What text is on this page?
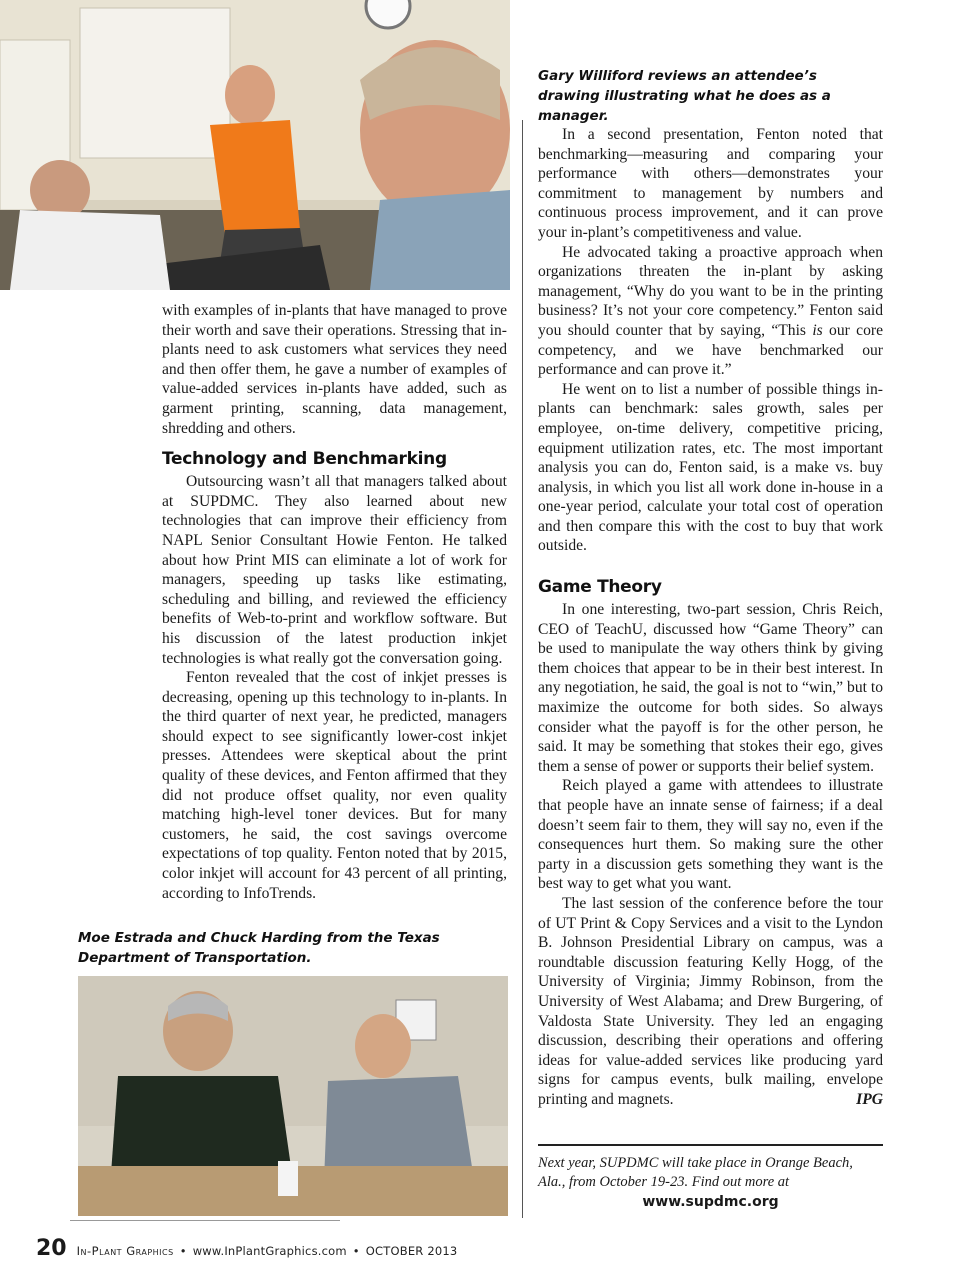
Gary Williford reviews an attendee’s drawing illustrating what he does as a manager.

with examples of in-plants that have managed to prove their worth and save their operations. Stressing that in-plants need to ask customers what services they need and then offer them, he gave a number of examples of value-added services in-plants have added, such as garment printing, scanning, data management, shredding and others.

Technology and Benchmarking

Outsourcing wasn’t all that managers talked about at SUPDMC. They also learned about new technologies that can improve their efficiency from NAPL Senior Consultant Howie Fenton. He talked about how Print MIS can eliminate a lot of work for managers, speeding up tasks like estimating, scheduling and billing, and reviewed the efficiency benefits of Web-to-print and workflow software. But his discussion of the latest production inkjet technologies is what really got the conversation going.

Fenton revealed that the cost of inkjet presses is decreasing, opening up this technology to in-plants. In the third quarter of next year, he predicted, managers should expect to see significantly lower-cost inkjet presses. Attendees were skeptical about the print quality of these devices, and Fenton affirmed that they did not produce offset quality, nor even quality matching high-level toner devices. But for many customers, he said, the cost savings overcome expectations of top quality. Fenton noted that by 2015, color inkjet will account for 43 percent of all printing, according to InfoTrends.

Moe Estrada and Chuck Harding from the Texas Department of Transportation.

In a second presentation, Fenton noted that benchmarking—measuring and comparing your performance with others—demonstrates your commitment to management by numbers and continuous process improvement, and it can prove your in-plant’s competitiveness and value.

He advocated taking a proactive approach when organizations threaten the in-plant by asking management, “Why do you want to be in the printing business? It’s not your core competency.” Fenton said you should counter that by saying, “This is our core competency, and we have benchmarked our performance and can prove it.”

He went on to list a number of possible things in-plants can benchmark: sales growth, sales per employee, on-time delivery, competitive pricing, equipment utilization rates, etc. The most important analysis you can do, Fenton said, is a make vs. buy analysis, in which you list all work done in-house in a one-year period, calculate your total cost of operation and then compare this with the cost to buy that work outside.

Game Theory

In one interesting, two-part session, Chris Reich, CEO of TeachU, discussed how “Game Theory” can be used to manipulate the way others think by giving them choices that appear to be in their best interest. In any negotiation, he said, the goal is not to “win,” but to maximize the outcome for both sides. So always consider what the payoff is for the other person, he said. It may be something that stokes their ego, gives them a sense of power or supports their belief system.

Reich played a game with attendees to illustrate that people have an innate sense of fairness; if a deal doesn’t seem fair to them, they will say no, even if the consequences hurt them. So making sure the other party in a discussion gets something they want is the best way to get what you want.

The last session of the conference before the tour of UT Print & Copy Services and a visit to the Lyndon B. Johnson Presidential Library on campus, was a roundtable discussion featuring Kelly Hogg, of the University of Virginia; Jimmy Robinson, from the University of West Alabama; and Drew Burgering, of Valdosta State University. They led an engaging discussion, describing their operations and offering ideas for value-added services like producing yard signs for campus events, bulk mailing, envelope printing and magnets.	IPG

Next year, SUPDMC will take place in Orange Beach, Ala., from October 19-23. Find out more at
www.supdmc.org
20 In-Plant Graphics • www.InPlantGraphics.com • OCTOBER 2013
